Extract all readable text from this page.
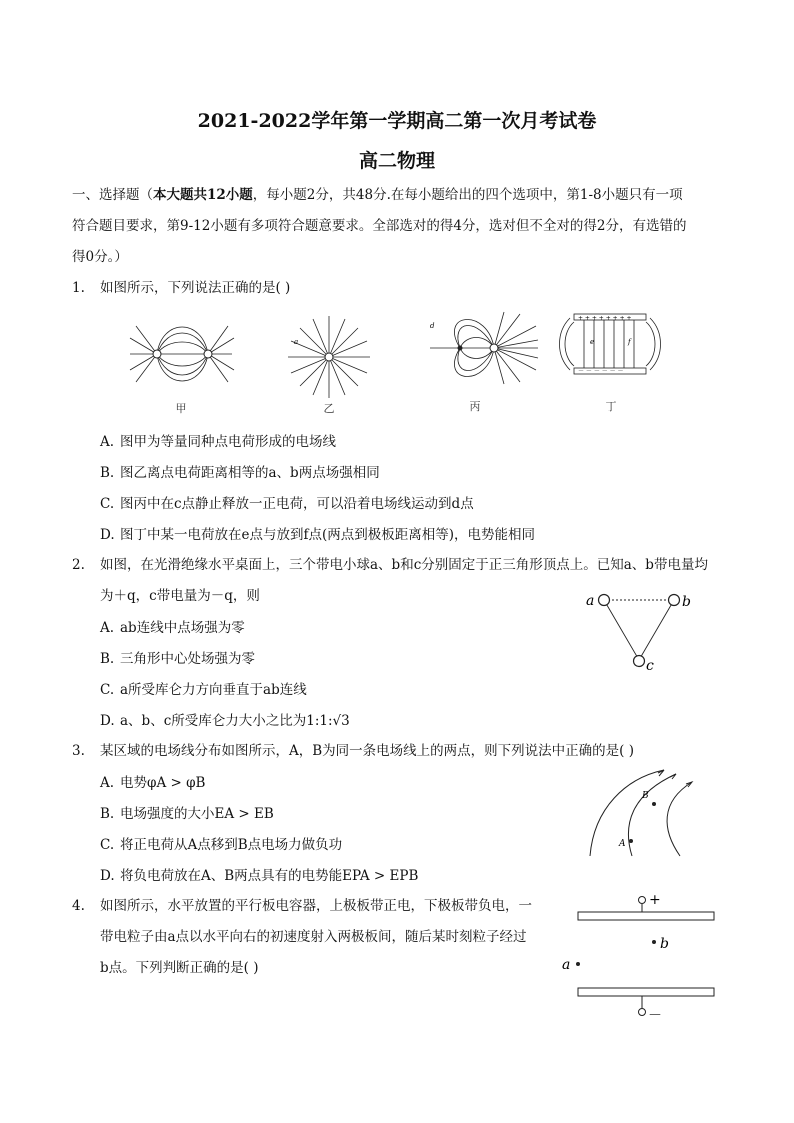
2021-2022学年第一学期高二第一次月考试卷
高二物理
一、选择题（本大题共12小题，每小题2分，共48分.在每小题给出的四个选项中，第1-8小题只有一项
符合题目要求，第9-12小题有多项符合题意要求。全部选对的得4分，选对但不全对的得2分，有选错的
得0分。）
1. 如图所示，下列说法正确的是( )
甲
a
乙
d
丙
e	f
+ + + + + + + +
－ － － － － －
丁
A. 图甲为等量同种点电荷形成的电场线
B. 图乙离点电荷距离相等的a、b两点场强相同
C. 图丙中在c点静止释放一正电荷，可以沿着电场线运动到d点
D. 图丁中某一电荷放在e点与放到f点(两点到极板距离相等)，电势能相同
2. 如图，在光滑绝缘水平桌面上，三个带电小球a、b和c分别固定于正三角形顶点上。已知a、b带电量均
为＋q，c带电量为－q，则	a	b
c
A. ab连线中点场强为零
B. 三角形中心处场强为零
C. a所受库仑力方向垂直于ab连线
D. a、b、c所受库仑力大小之比为1:1:√3
3. 某区域的电场线分布如图所示，A，B为同一条电场线上的两点，则下列说法中正确的是( )
A
B
A. 电势φA > φB
B. 电场强度的大小EA > EB
C. 将正电荷从A点移到B点电场力做负功
D. 将负电荷放在A、B两点具有的电势能EPA > EPB
4. 如图所示，水平放置的平行板电容器，上极板带正电，下极板带负电，一
带电粒子由a点以水平向右的初速度射入两极板间，随后某时刻粒子经过
b点。下列判断正确的是( )
+
b
a
－
